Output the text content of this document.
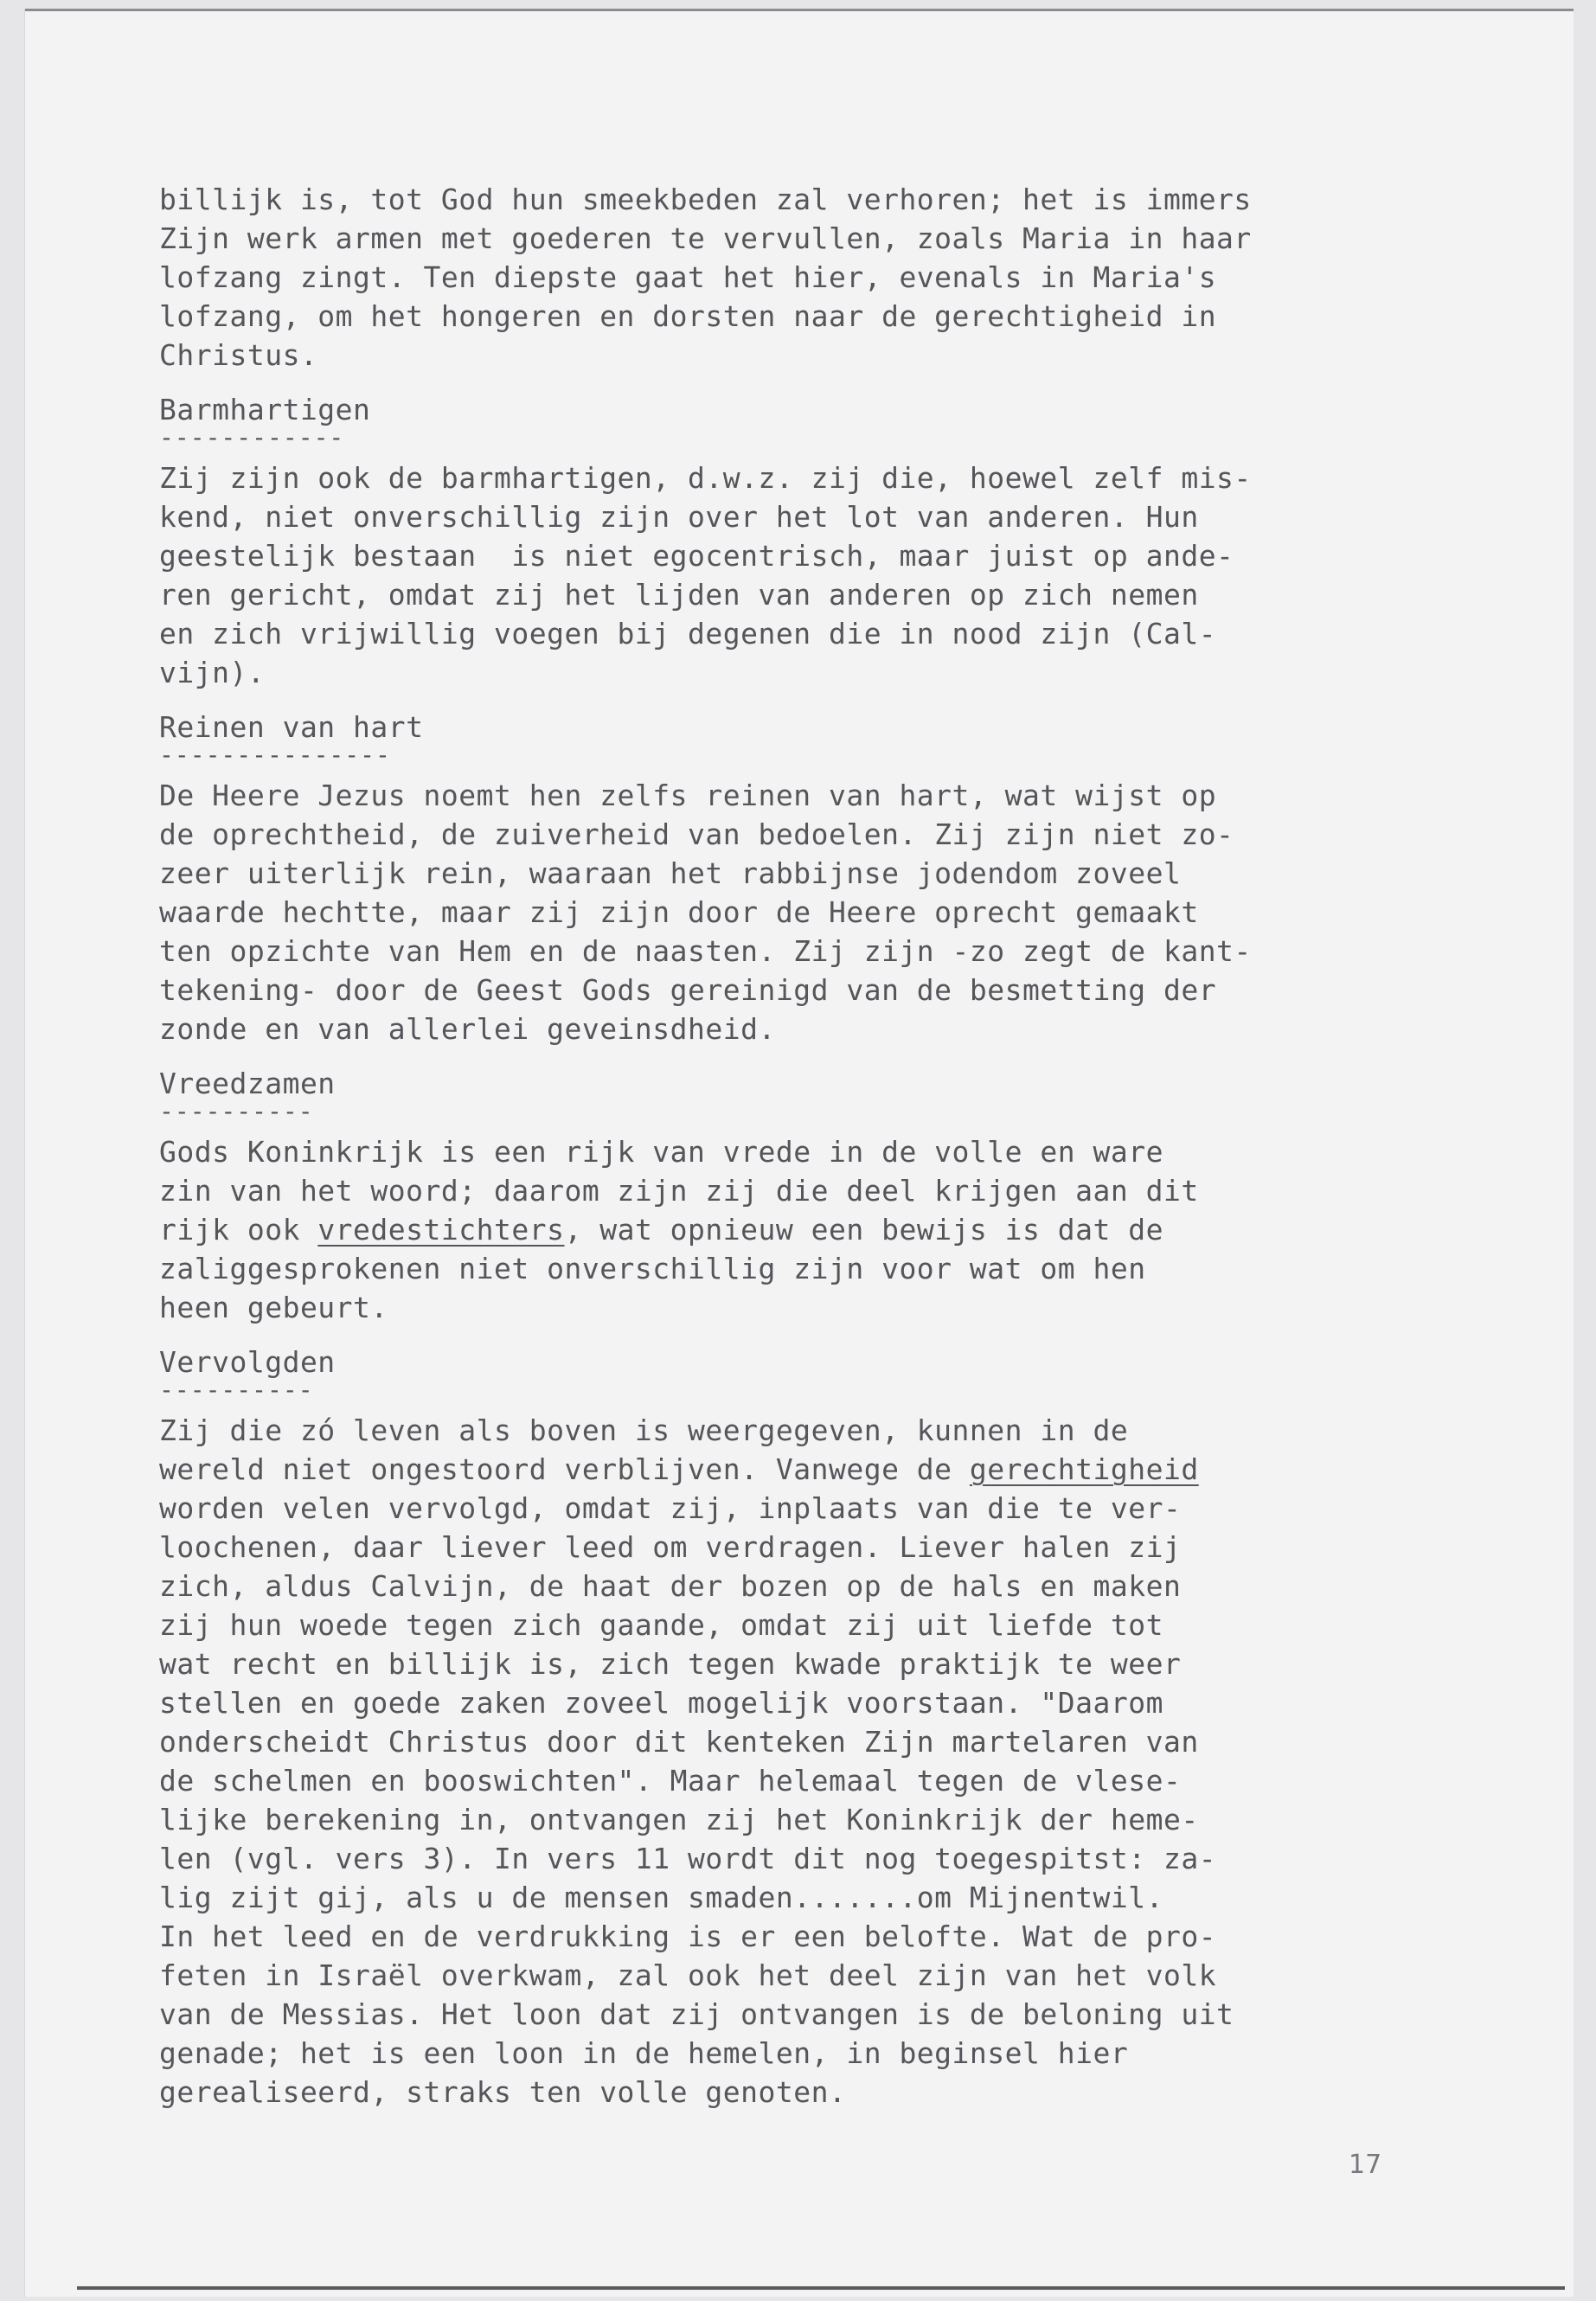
billijk is, tot God hun smeekbeden zal verhoren; het is immers
Zijn werk armen met goederen te vervullen, zoals Maria in haar
lofzang zingt. Ten diepste gaat het hier, evenals in Maria's
lofzang, om het hongeren en dorsten naar de gerechtigheid in
Christus.
Barmhartigen
------------
Zij zijn ook de barmhartigen, d.w.z. zij die, hoewel zelf mis-
kend, niet onverschillig zijn over het lot van anderen. Hun
geestelijk bestaan  is niet egocentrisch, maar juist op ande-
ren gericht, omdat zij het lijden van anderen op zich nemen
en zich vrijwillig voegen bij degenen die in nood zijn (Cal-
vijn).
Reinen van hart
---------------
De Heere Jezus noemt hen zelfs reinen van hart, wat wijst op
de oprechtheid, de zuiverheid van bedoelen. Zij zijn niet zo-
zeer uiterlijk rein, waaraan het rabbijnse jodendom zoveel
waarde hechtte, maar zij zijn door de Heere oprecht gemaakt
ten opzichte van Hem en de naasten. Zij zijn -zo zegt de kant-
tekening- door de Geest Gods gereinigd van de besmetting der
zonde en van allerlei geveinsdheid.
Vreedzamen
----------
Gods Koninkrijk is een rijk van vrede in de volle en ware
zin van het woord; daarom zijn zij die deel krijgen aan dit
rijk ook vredestichters, wat opnieuw een bewijs is dat de
zaliggesprokenen niet onverschillig zijn voor wat om hen
heen gebeurt.
Vervolgden
----------
Zij die zó leven als boven is weergegeven, kunnen in de
wereld niet ongestoord verblijven. Vanwege de gerechtigheid
worden velen vervolgd, omdat zij, inplaats van die te ver-
loochenen, daar liever leed om verdragen. Liever halen zij
zich, aldus Calvijn, de haat der bozen op de hals en maken
zij hun woede tegen zich gaande, omdat zij uit liefde tot
wat recht en billijk is, zich tegen kwade praktijk te weer
stellen en goede zaken zoveel mogelijk voorstaan. "Daarom
onderscheidt Christus door dit kenteken Zijn martelaren van
de schelmen en booswichten". Maar helemaal tegen de vlese-
lijke berekening in, ontvangen zij het Koninkrijk der heme-
len (vgl. vers 3). In vers 11 wordt dit nog toegespitst: za-
lig zijt gij, als u de mensen smaden.......om Mijnentwil.
In het leed en de verdrukking is er een belofte. Wat de pro-
feten in Israël overkwam, zal ook het deel zijn van het volk
van de Messias. Het loon dat zij ontvangen is de beloning uit
genade; het is een loon in de hemelen, in beginsel hier
gerealiseerd, straks ten volle genoten.
17
